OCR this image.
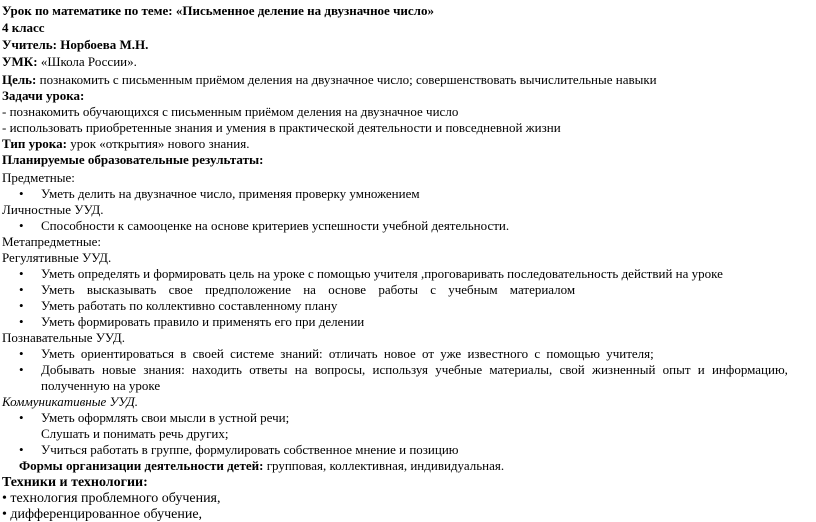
Урок по математике по теме: «Письменное деление на двузначное число»
4 класс
Учитель: Норбоева М.Н.
УМК: «Школа России».
Цель: познакомить с письменным приёмом деления на двузначное число; совершенствовать вычислительные навыки
Задачи урока:
- познакомить обучающихся с письменным приёмом деления на двузначное число
- использовать приобретенные знания и умения в практической деятельности и повседневной жизни
Тип урока: урок «открытия» нового знания.
Планируемые образовательные результаты:
Предметные:
• Уметь делить на двузначное число, применяя проверку умножением
Личностные УУД.
• Способности к самооценке на основе критериев успешности учебной деятельности.
Метапредметные:
Регулятивные УУД.
• Уметь определять и формировать цель на уроке с помощью учителя ,проговаривать последовательность действий на уроке
• Уметь высказывать свое предположение на основе работы с учебным материалом
• Уметь работать по коллективно составленному плану
• Уметь формировать правило и применять его при делении
Познавательные УУД.
• Уметь ориентироваться в своей системе знаний: отличать новое от уже известного с помощью учителя;
• Добывать новые знания: находить ответы на вопросы, используя учебные материалы, свой жизненный опыт и информацию,
полученную на уроке
Коммуникативные УУД.
• Уметь оформлять свои мысли в устной речи;
Слушать и понимать речь других;
• Учиться работать в группе, формулировать собственное мнение и позицию
Формы организации деятельности детей: групповая, коллективная, индивидуальная.
Техники и технологии:
• технология проблемного обучения,
• дифференцированное обучение,
